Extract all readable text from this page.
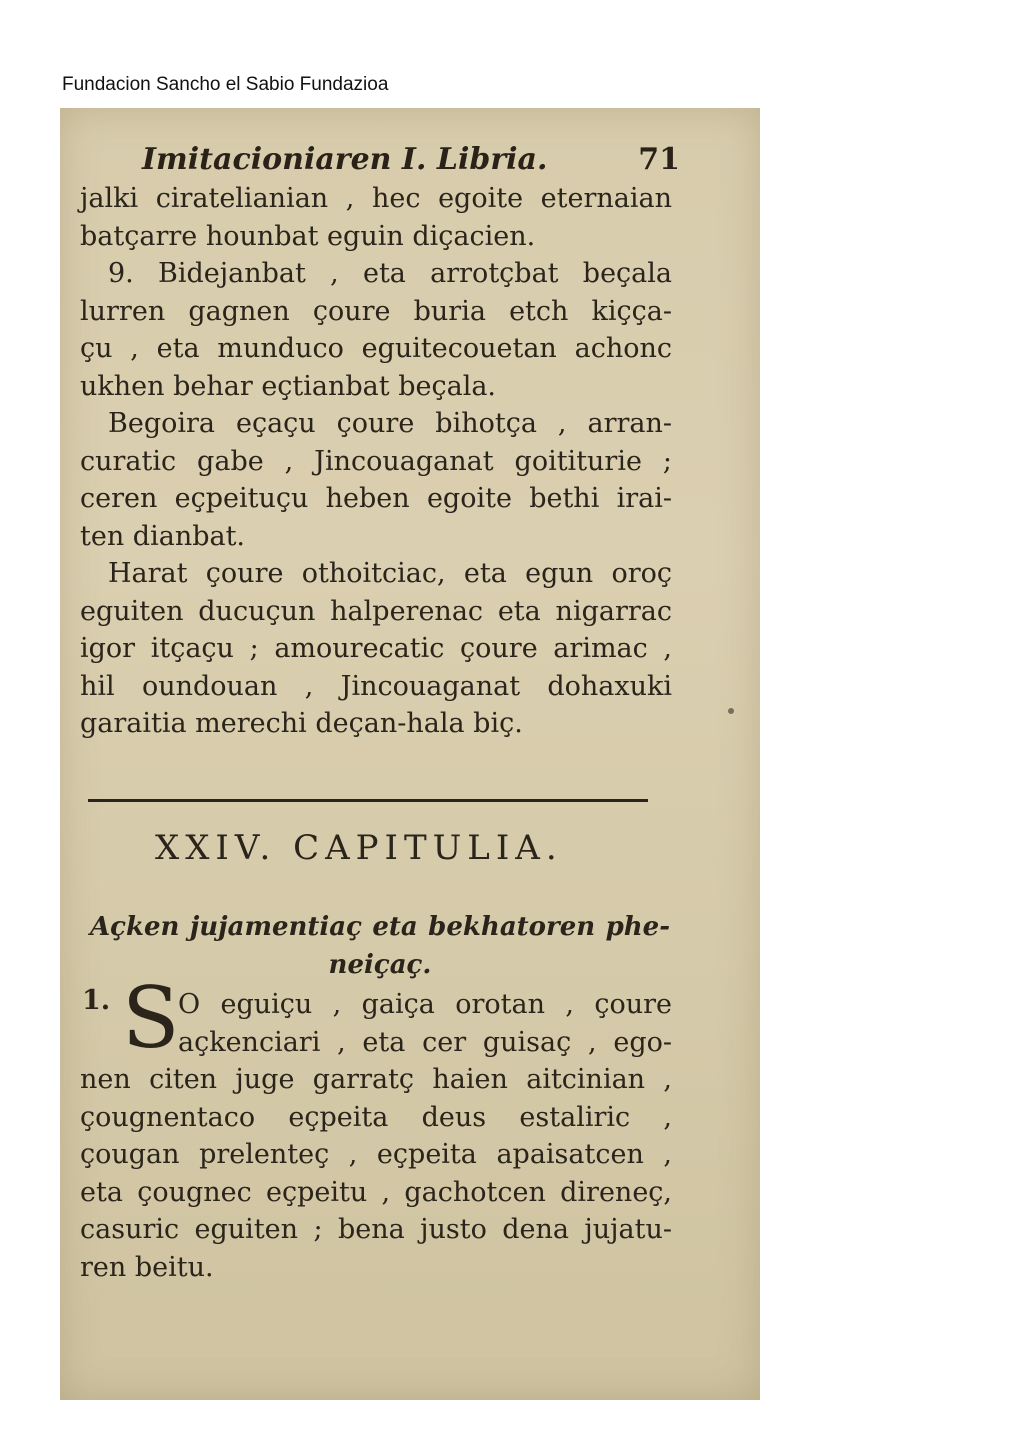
Fundacion Sancho el Sabio Fundazioa
Imitacioniaren I. Libria.	71
jalki ciratelianian , hec egoite eternaian
batçarre hounbat eguin diçacien.
9. Bidejanbat , eta arrotçbat beçala
lurren gagnen çoure buria etch kiçça-
çu , eta munduco eguitecouetan achonc
ukhen behar eçtianbat beçala.
Begoira eçaçu çoure bihotça , arran-
curatic gabe , Jincouaganat goititurie ;
ceren eçpeituçu heben egoite bethi irai-
ten dianbat.
Harat çoure othoitciac, eta egun oroç
eguiten ducuçun halperenac eta nigarrac
igor itçaçu ; amourecatic çoure arimac ,
hil oundouan , Jincouaganat dohaxuki
garaitia merechi deçan-hala biç.
XXIV. CAPITULIA.
Açken jujamentiaç eta bekhatoren phe-
neiçaç.
1. S
O eguiçu , gaiça orotan , çoure
açkenciari , eta cer guisaç , ego-
nen citen juge garratç haien aitcinian ,
çougnentaco eçpeita deus estaliric ,
çougan prelenteç , eçpeita apaisatcen ,
eta çougnec eçpeitu , gachotcen direneç,
casuric eguiten ; bena justo dena jujatu-
ren beitu.
